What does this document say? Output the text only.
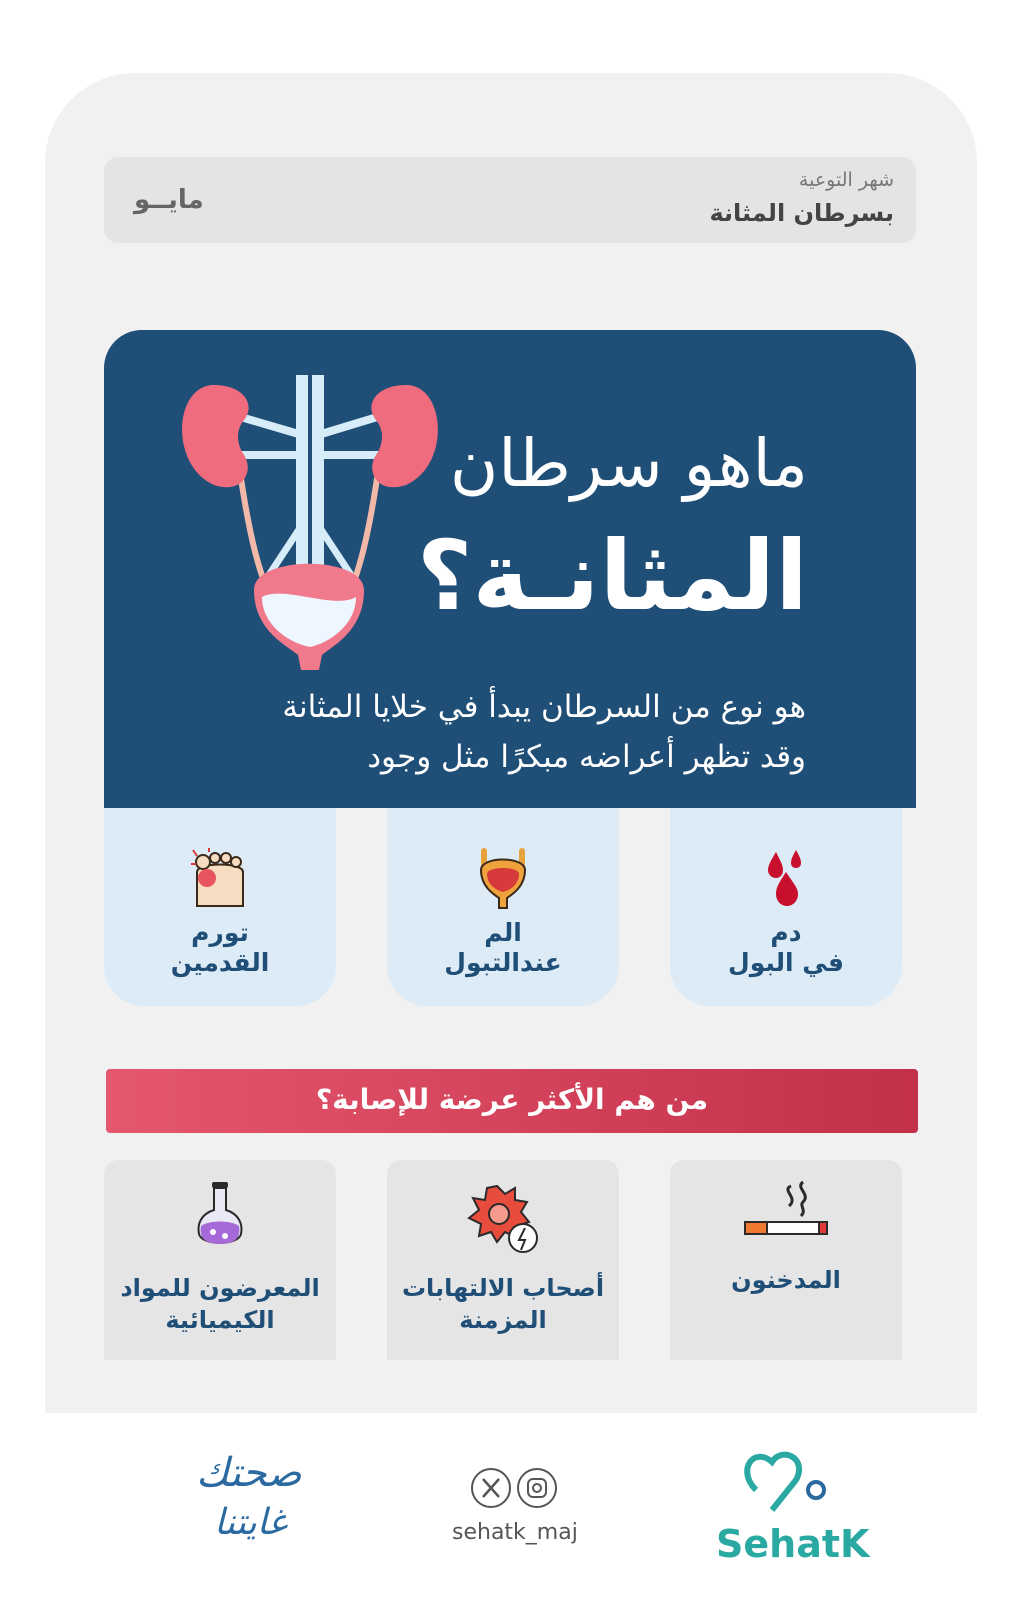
شهر التوعية
بسرطان المثانة
مايــو
ماهو سرطان
المثانـة؟
هو نوع من السرطان يبدأ في خلايا المثانة
وقد تظهر أعراضه مبكرًا مثل وجود
دم
في البول
الم
عندالتبول
تورم
القدمين
من هم الأكثر عرضة للإصابة؟
المدخنون
أصحاب الالتهابات
المزمنة
المعرضون للمواد
الكيميائية
SehatK
sehatk_maj
صحتك
غايتنا
